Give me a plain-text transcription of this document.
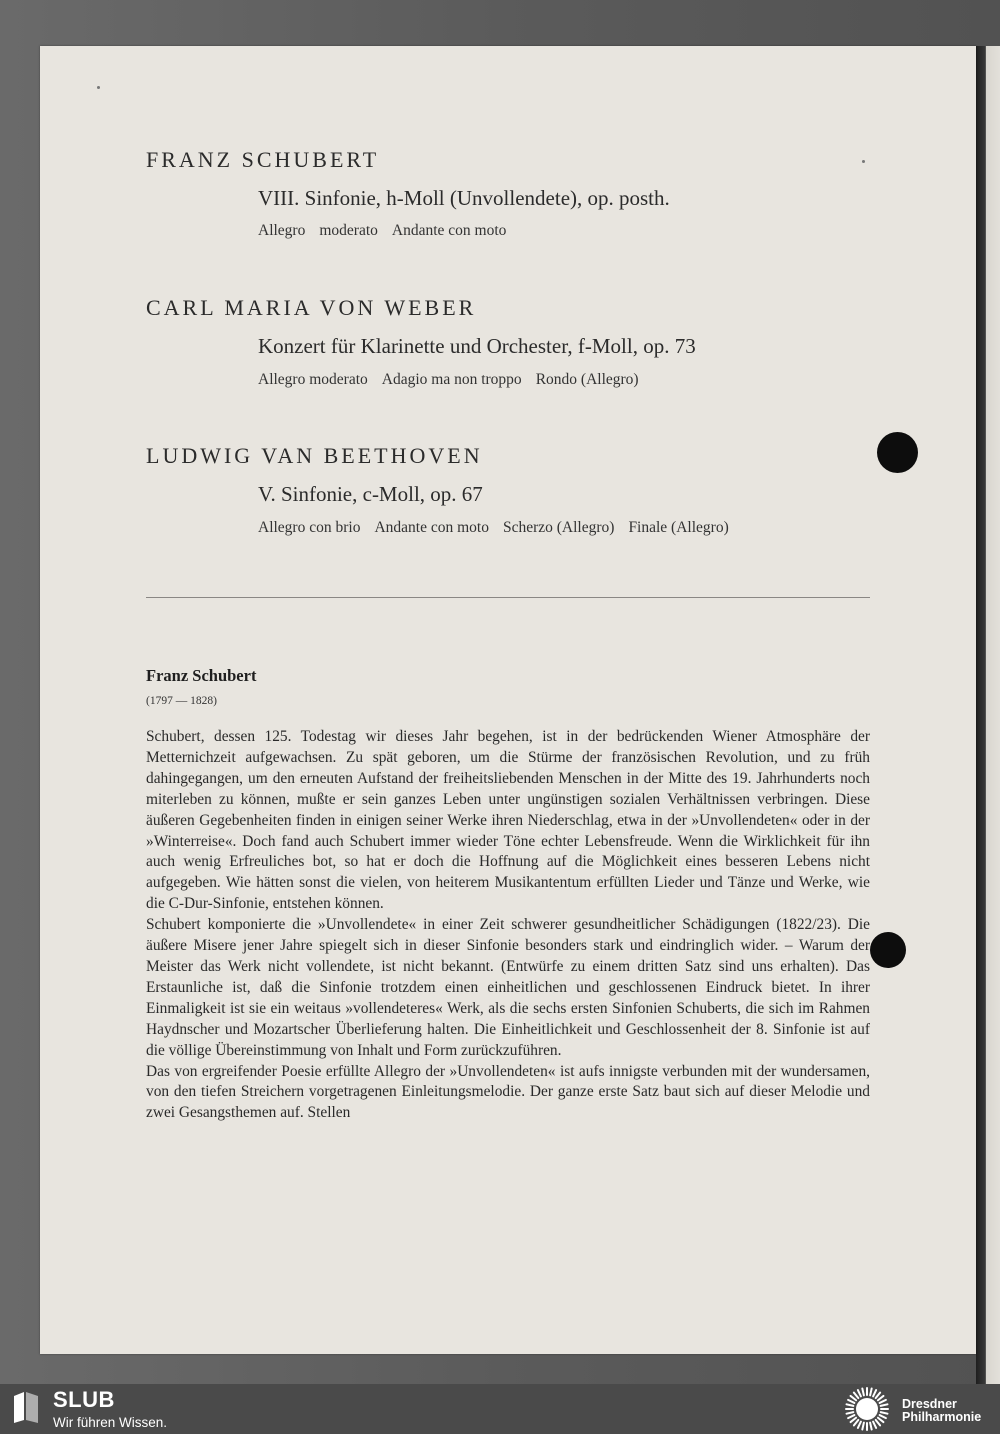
FRANZ SCHUBERT
VIII. Sinfonie, h-Moll (Unvollendete), op. posth.
Allegro moderato Andante con moto
CARL MARIA VON WEBER
Konzert für Klarinette und Orchester, f-Moll, op. 73
Allegro moderato Adagio ma non troppo Rondo (Allegro)
LUDWIG VAN BEETHOVEN
V. Sinfonie, c-Moll, op. 67
Allegro con brio Andante con moto Scherzo (Allegro) Finale (Allegro)
Franz Schubert
(1797 — 1828)

Schubert, dessen 125. Todestag wir dieses Jahr begehen, ist in der bedrückenden Wiener Atmosphäre der Metternichzeit aufgewachsen. Zu spät geboren, um die Stürme der französischen Revolution, und zu früh dahingegangen, um den erneuten Aufstand der freiheitsliebenden Menschen in der Mitte des 19. Jahrhunderts noch miterleben zu können, mußte er sein ganzes Leben unter ungünstigen sozialen Verhältnissen verbringen. Diese äußeren Gegebenheiten finden in einigen seiner Werke ihren Niederschlag, etwa in der »Unvollendeten« oder in der »Winterreise«. Doch fand auch Schubert immer wieder Töne echter Lebensfreude. Wenn die Wirklichkeit für ihn auch wenig Erfreuliches bot, so hat er doch die Hoffnung auf die Möglichkeit eines besseren Lebens nicht aufgegeben. Wie hätten sonst die vielen, von heiterem Musikantentum erfüllten Lieder und Tänze und Werke, wie die C-Dur-Sinfonie, entstehen können.

Schubert komponierte die »Unvollendete« in einer Zeit schwerer gesundheitlicher Schädigungen (1822/23). Die äußere Misere jener Jahre spiegelt sich in dieser Sinfonie besonders stark und eindringlich wider. – Warum der Meister das Werk nicht vollendete, ist nicht bekannt. (Entwürfe zu einem dritten Satz sind uns erhalten). Das Erstaunliche ist, daß die Sinfonie trotzdem einen einheitlichen und geschlossenen Eindruck bietet. In ihrer Einmaligkeit ist sie ein weitaus »vollendeteres« Werk, als die sechs ersten Sinfonien Schuberts, die sich im Rahmen Haydnscher und Mozartscher Überlieferung halten. Die Einheitlichkeit und Geschlossenheit der 8. Sinfonie ist auf die völlige Übereinstimmung von Inhalt und Form zurückzuführen.

Das von ergreifender Poesie erfüllte Allegro der »Unvollendeten« ist aufs innigste verbunden mit der wundersamen, von den tiefen Streichern vorgetragenen Einleitungsmelodie. Der ganze erste Satz baut sich auf dieser Melodie und zwei Gesangsthemen auf. Stellen

SLUB
Wir führen Wissen.
Dresdner
Philharmonie
